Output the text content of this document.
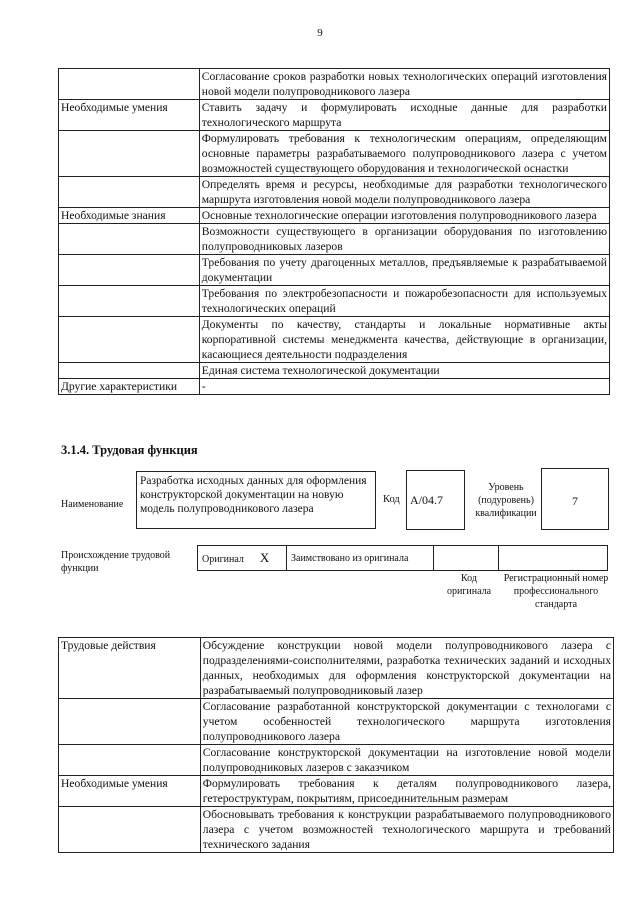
9
	Согласование сроков разработки новых технологических операций изготовления новой модели полупроводникового лазера
Необходимые умения	Ставить задачу и формулировать исходные данные для разработки технологического маршрута
	Формулировать требования к технологическим операциям, определяющим основные параметры разрабатываемого полупроводникового лазера с учетом возможностей существующего оборудования и технологической оснастки
	Определять время и ресурсы, необходимые для разработки технологического маршрута изготовления новой модели полупроводникового лазера
Необходимые знания	Основные технологические операции изготовления полупроводникового лазера
	Возможности существующего в организации оборудования по изготовлению полупроводниковых лазеров
	Требования по учету драгоценных металлов, предъявляемые к разрабатываемой документации
	Требования по электробезопасности и пожаробезопасности для используемых технологических операций
	Документы по качеству, стандарты и локальные нормативные акты корпоративной системы менеджмента качества, действующие в организации, касающиеся деятельности подразделения
	Единая система технологической документации
Другие характеристики	-
3.1.4. Трудовая функция
Наименование
Разработка исходных данных для оформления конструкторской документации на новую модель полупроводникового лазера
Код А/04.7
Уровень (подуровень) квалификации
7
Происхождение трудовой функции
Оригинал X	Заимствовано из оригинала		
Код оригинала
Регистрационный номер профессионального стандарта
Трудовые действия	Обсуждение конструкции новой модели полупроводникового лазера с подразделениями-соисполнителями, разработка технических заданий и исходных данных, необходимых для оформления конструкторской документации на разрабатываемый полупроводниковый лазер
	Согласование разработанной конструкторской документации с технологами с учетом особенностей технологического маршрута изготовления полупроводникового лазера
	Согласование конструкторской документации на изготовление новой модели полупроводниковых лазеров с заказчиком
Необходимые умения	Формулировать требования к деталям полупроводникового лазера, гетероструктурам, покрытиям, присоединительным размерам
	Обосновывать требования к конструкции разрабатываемого полупроводникового лазера с учетом возможностей технологического маршрута и требований технического задания
